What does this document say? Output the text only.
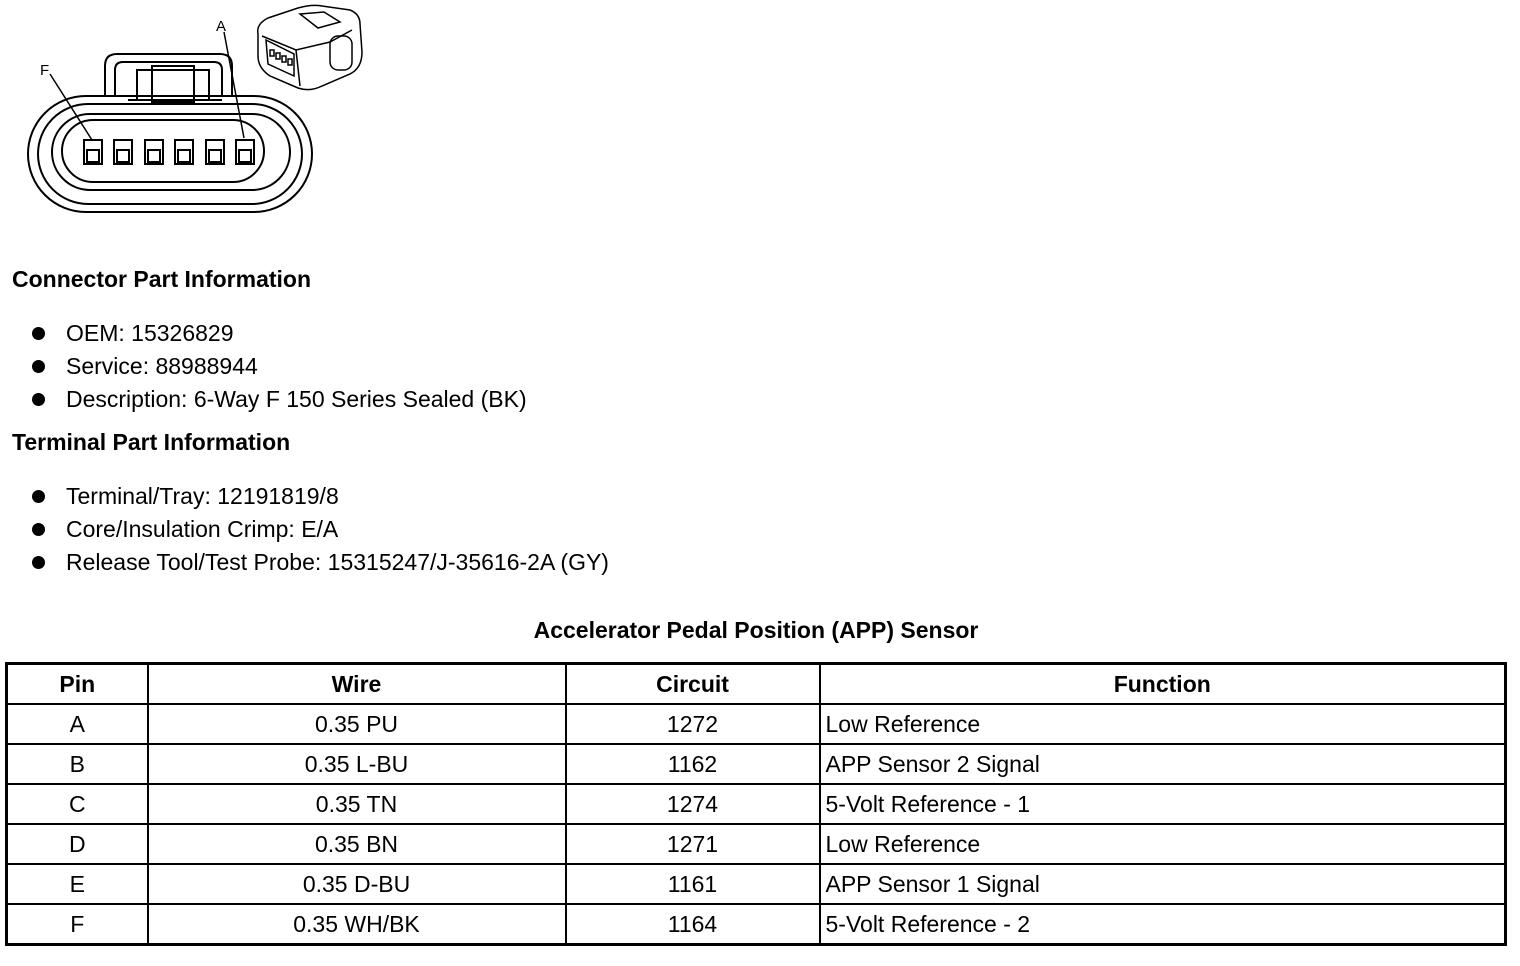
A
F
Connector Part Information
OEM: 15326829
Service: 88988944
Description: 6-Way F 150 Series Sealed (BK)
Terminal Part Information
Terminal/Tray: 12191819/8
Core/Insulation Crimp: E/A
Release Tool/Test Probe: 15315247/J-35616-2A (GY)
Accelerator Pedal Position (APP) Sensor
Pin	Wire	Circuit	Function
A	0.35 PU	1272	Low Reference
B	0.35 L-BU	1162	APP Sensor 2 Signal
C	0.35 TN	1274	5-Volt Reference - 1
D	0.35 BN	1271	Low Reference
E	0.35 D-BU	1161	APP Sensor 1 Signal
F	0.35 WH/BK	1164	5-Volt Reference - 2
